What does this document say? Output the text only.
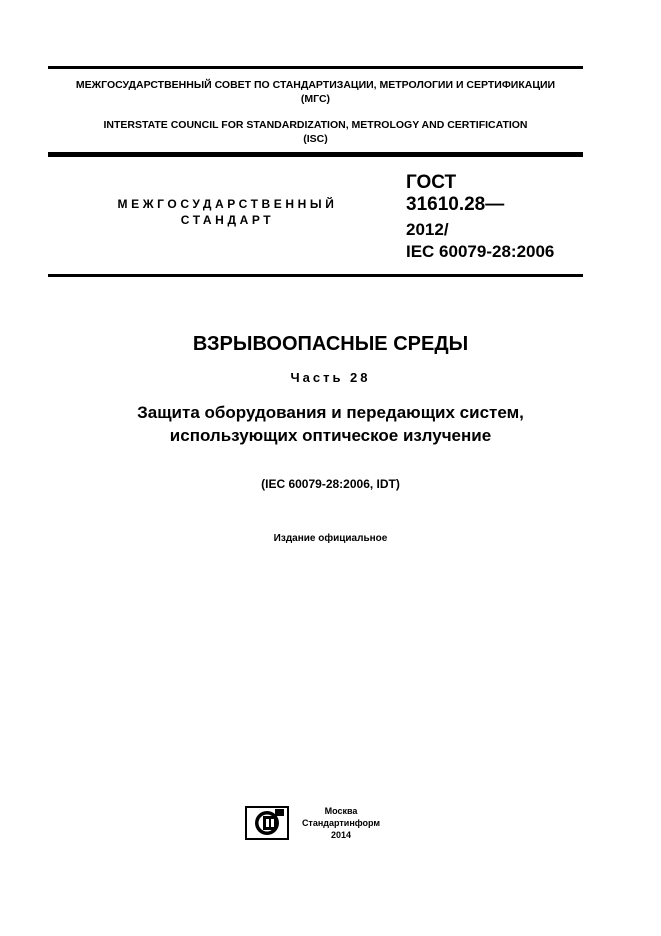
МЕЖГОСУДАРСТВЕННЫЙ СОВЕТ ПО СТАНДАРТИЗАЦИИ, МЕТРОЛОГИИ И СЕРТИФИКАЦИИ
(МГС)
INTERSTATE COUNCIL FOR STANDARDIZATION, METROLOGY AND CERTIFICATION
(ISC)
МЕЖГОСУДАРСТВЕННЫЙ
СТАНДАРТ
ГОСТ
31610.28—
2012/
IEC 60079-28:2006
ВЗРЫВООПАСНЫЕ СРЕДЫ
Часть 28
Защита оборудования и передающих систем,
использующих оптическое излучение
(IEC 60079-28:2006, IDT)
Издание официальное
Москва
Стандартинформ
2014
